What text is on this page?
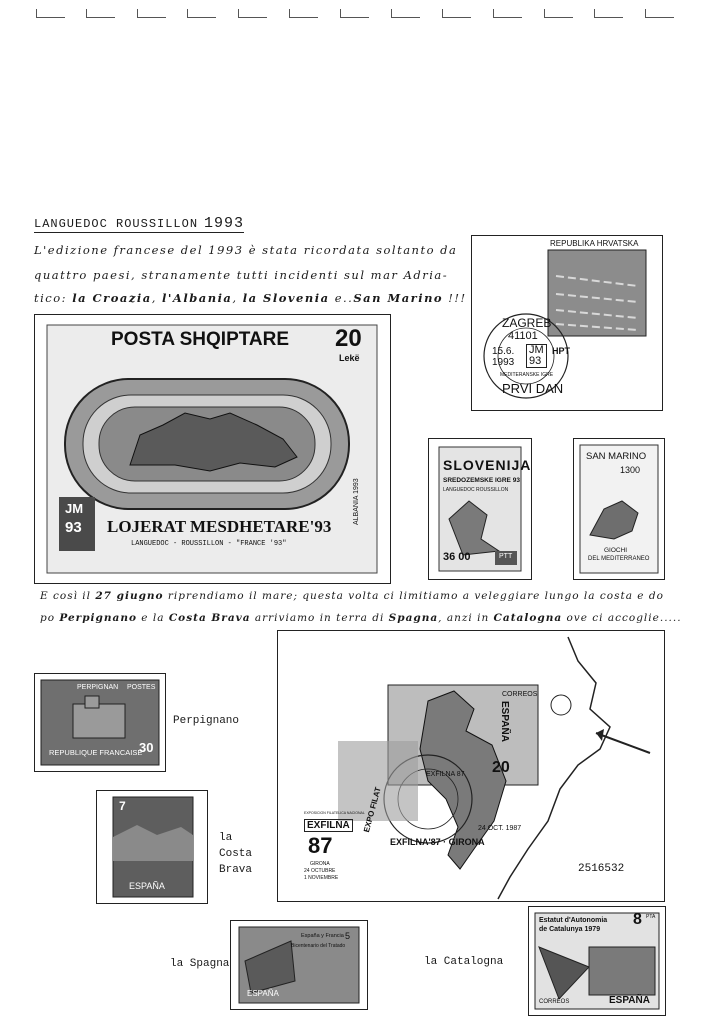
LANGUEDOC ROUSSILLON 1993
L'edizione francese del 1993 è stata ricordata soltanto da
quattro paesi, stranamente tutti incidenti sul mar Adria-
tico: la Croazia, l'Albania, la Slovenia e..San Marino !!!
POSTA SHQIPTARE 20
Lekë
ALBANIA 1993
JM
93 LOJERAT MESDHETARE'93
LANGUEDOC - ROUSSILLON - "FRANCE '93"
REPUBLIKA HRVATSKA
ZAGREB
41101
15.6. 1993
JM
93
HPT
MEDITERANSKE IGRE
PRVI DAN
SLOVENIJA
SREDOZEMSKE IGRE 93
LANGUEDOC ROUSSILLON
36 00	PTT
SAN MARINO
1300
GIOCHI
DEL MEDITERRANEO
E così il 27 giugno riprendiamo il mare; questa volta ci limitiamo a veleggiare lungo la costa e do
po Perpignano e la Costa Brava arriviamo in terra di Spagna, anzi in Catalogna ove ci accoglie.....
PERPIGNAN POSTES
REPUBLIQUE FRANCAISE
30
Perpignano
7
ESPAÑA
la
Costa
Brava
CORREOS
ESPAÑA
20
EXFILNA 87
EXFILNA'87 · GIRONA
EXPO FILAT	24 OCT. 1987
EXPOSICION FILATELICA NACIONAL
EXFILNA
87
GIRONA
24 OCTUBRE
1 NOVIEMBRE
2516532
España y Francia
Bicentenario del Tratado
5
ESPAÑA
la Spagna
Estatut d'Autonomia
de Catalunya 1979
8 PTA
CORREOS	ESPAÑA
la Catalogna
